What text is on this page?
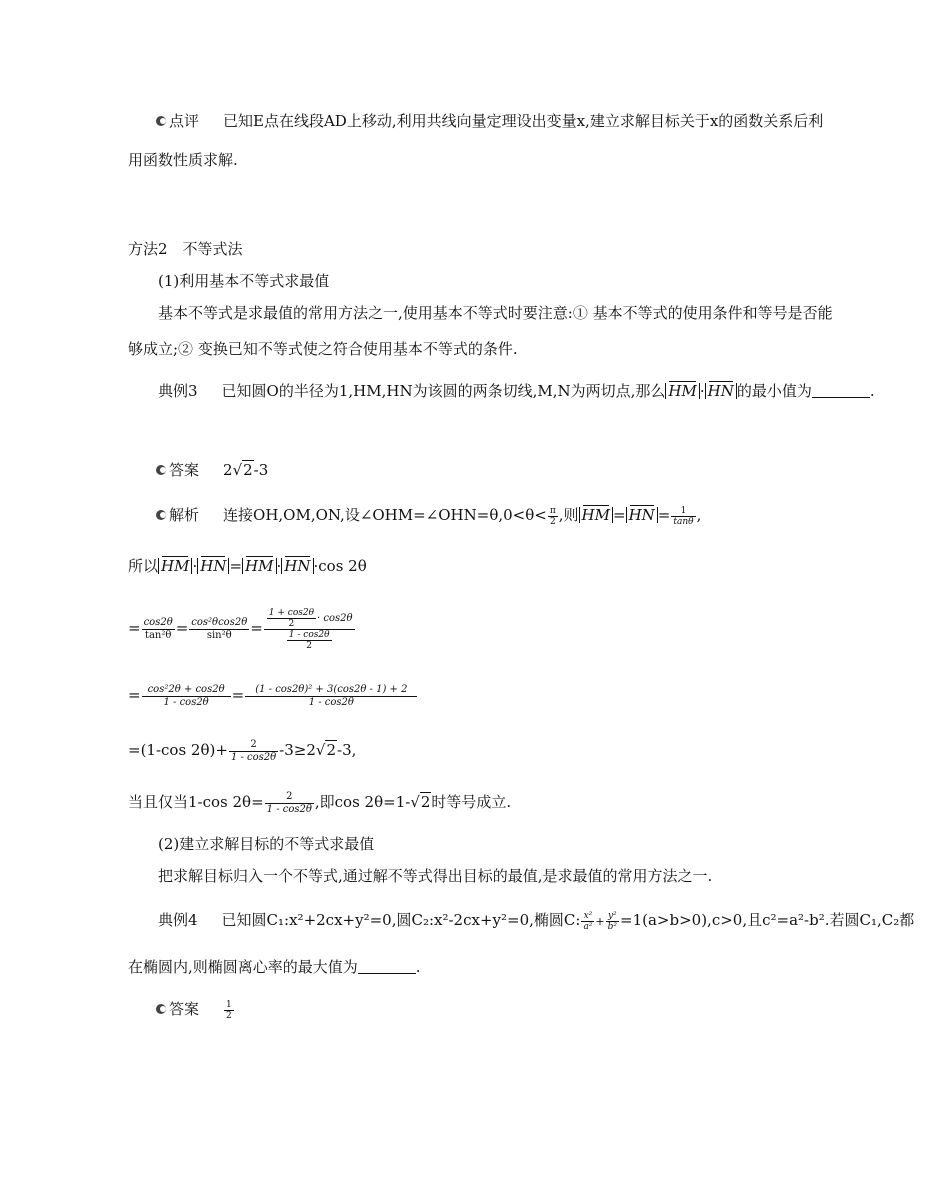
点评 已知E点在线段AD上移动,利用共线向量定理设出变量x,建立求解目标关于x的函数关系后利
用函数性质求解.
方法2　不等式法
(1)利用基本不等式求最值
基本不等式是求最值的常用方法之一,使用基本不等式时要注意:① 基本不等式的使用条件和等号是否能
够成立;② 变换已知不等式使之符合使用基本不等式的条件.
典例3 已知圆O的半径为1,HM,HN为该圆的两条切线,M,N为两切点,那么 HM · HN 的最小值为	.
答案 2√2-3
解析 连接OH,OM,ON,设∠OHM=∠OHN=θ,0<θ< $\frac{\pi}{2}$ ,则 HM = HN = $\frac{1}{\tan\theta}$ ,
所以 HM · HN = HM · HN ·cos 2θ
= $\frac{\cos 2\theta}{\text{tan²θ}} = \frac{\text{cos²θcos2θ}}{\text{sin²θ}} = \frac{\frac{1 + \cos 2\theta}{2} \cdot \cos 2\theta}{\frac{1 - \cos 2\theta}{2}}$
= $\frac{\text{cos²2θ + cos2θ}}{1 - \cos 2\theta} = \frac{\text{(1 - cos2θ)² + 3(cos2θ - 1) + 2}}{1 - \cos 2\theta}$
=(1-cos $2\theta)+ \frac{2}{1 - \cos 2\theta} -3\ge 2√2-3$,
当且仅当1-cos $2\theta= \frac{2}{1 - \cos 2\theta}$ ,即cos 2θ=1-√2时等号成立.
(2)建立求解目标的不等式求最值
把求解目标归入一个不等式,通过解不等式得出目标的最值,是求最值的常用方法之一.
典例4 已知圆C₁:x²+2cx+y²=0,圆C₂:x²-2cx+y²=0,椭圆C: $\frac{\text{x²}}{\text{a²}} + \frac{\text{y²}}{\text{b²}} =1(a>b>0),c>0$,且c²=a²-b².若圆C₁,C₂都
在椭圆内,则椭圆离心率的最大值为	.
答案	$\frac{1}{2}$
